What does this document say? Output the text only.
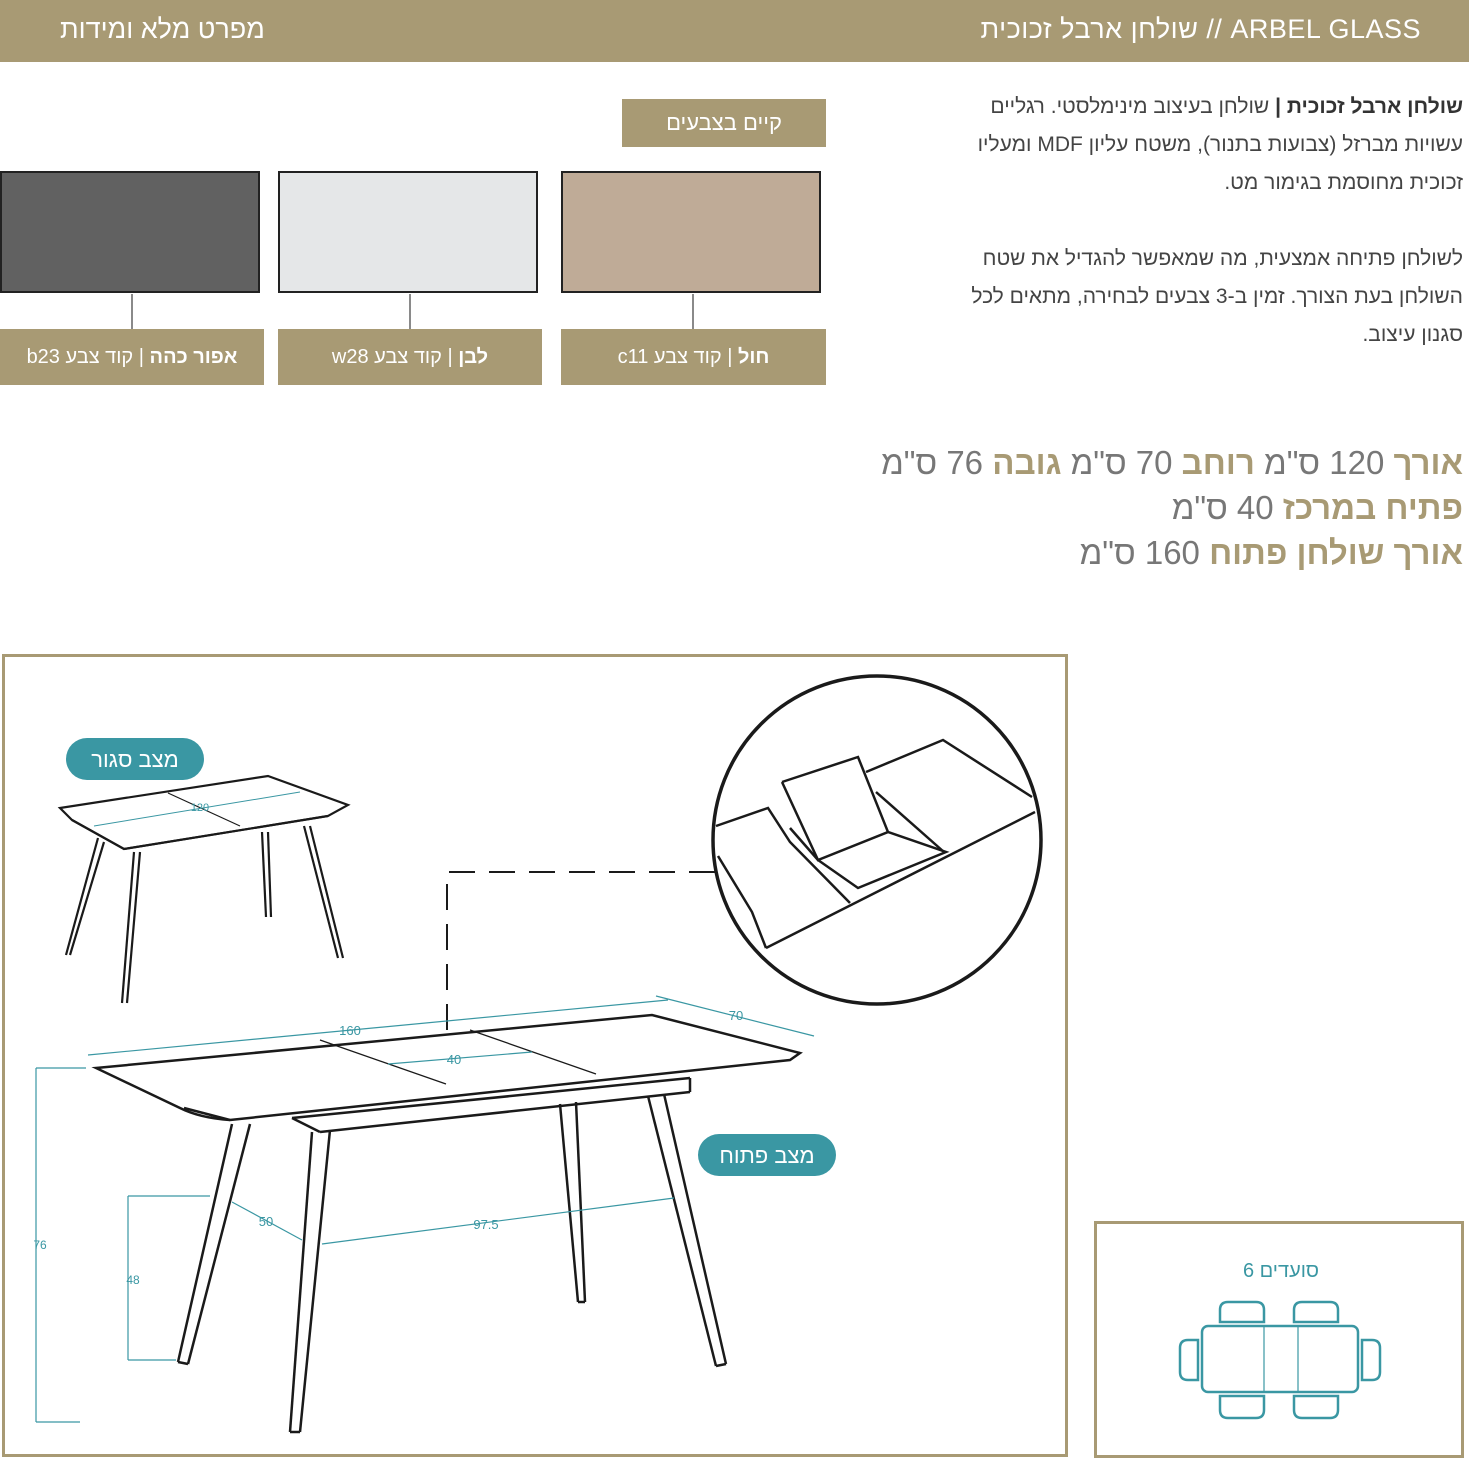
מפרט מלא ומידות	שולחן ארבל זכוכית // ARBEL GLASS

שולחן ארבל זכוכית | שולחן בעיצוב מינימלסטי. רגליים עשויות מברזל (צבועות בתנור), משטח עליון MDF ומעליו זכוכית מחוסמת בגימור מט.

לשולחן פתיחה אמצעית, מה שמאפשר להגדיל את שטח השולחן בעת הצורך. זמין ב-3 צבעים לבחירה, מתאים לכל סגנון עיצוב.

קיים בצבעים
חול
|
קוד צבע c11
לבן
|
קוד צבע w28
אפור כהה
|
קוד צבע b23
אורך 120 ס"מ רוחב 70 ס"מ גובה 76 ס"מ
פתיח במרכז 40 ס"מ
אורך שולחן פתוח 160 ס"מ
מצב סגור
120
160
40
70
76
48
50	97.5
מצב פתוח
6 סועדים
